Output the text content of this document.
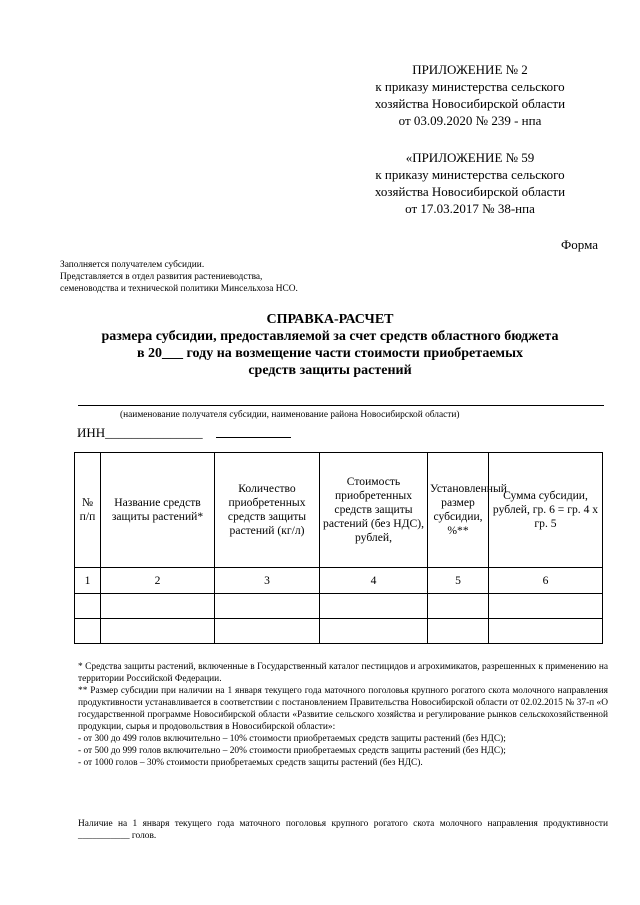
ПРИЛОЖЕНИЕ № 2
к приказу министерства сельского
хозяйства Новосибирской области
от 03.09.2020 № 239 - нпа
«ПРИЛОЖЕНИЕ № 59
к приказу министерства сельского
хозяйства Новосибирской области
от 17.03.2017 № 38-нпа
Форма
Заполняется получателем субсидии.
Представляется в отдел развития растениеводства,
семеноводства и технической политики Минсельхоза НСО.
СПРАВКА-РАСЧЕТ
размера субсидии, предоставляемой за счет средств областного бюджета
в 20___ году на возмещение части стоимости приобретаемых
средств защиты растений
(наименование получателя субсидии, наименование района Новосибирской области)
ИНН_______________
№ п/п	Название средств защиты растений*	Количество приобретенных средств защиты растений (кг/л)	Стоимость приобретенных средств защиты растений (без НДС), рублей,	Установленный размер субсидии, %**	Сумма субсидии, рублей, гр. 6 = гр. 4 х гр. 5
1	2	3	4	5	6

* Средства защиты растений, включенные в Государственный каталог пестицидов и агрохимикатов, разрешенных к применению на территории Российской Федерации.

** Размер субсидии при наличии на 1 января текущего года маточного поголовья крупного рогатого скота молочного направления продуктивности устанавливается в соответствии с постановлением Правительства Новосибирской области от 02.02.2015 № 37-п «О государственной программе Новосибирской области «Развитие сельского хозяйства и регулирование рынков сельскохозяйственной продукции, сырья и продовольствия в Новосибирской области»:

- от 300 до 499 голов включительно – 10% стоимости приобретаемых средств защиты растений (без НДС);

- от 500 до 999 голов включительно – 20% стоимости приобретаемых средств защиты растений (без НДС);

- от 1000 голов – 30% стоимости приобретаемых средств защиты растений (без НДС).

Наличие на 1 января текущего года маточного поголовья крупного рогатого скота молочного направления продуктивности ___________ голов.
